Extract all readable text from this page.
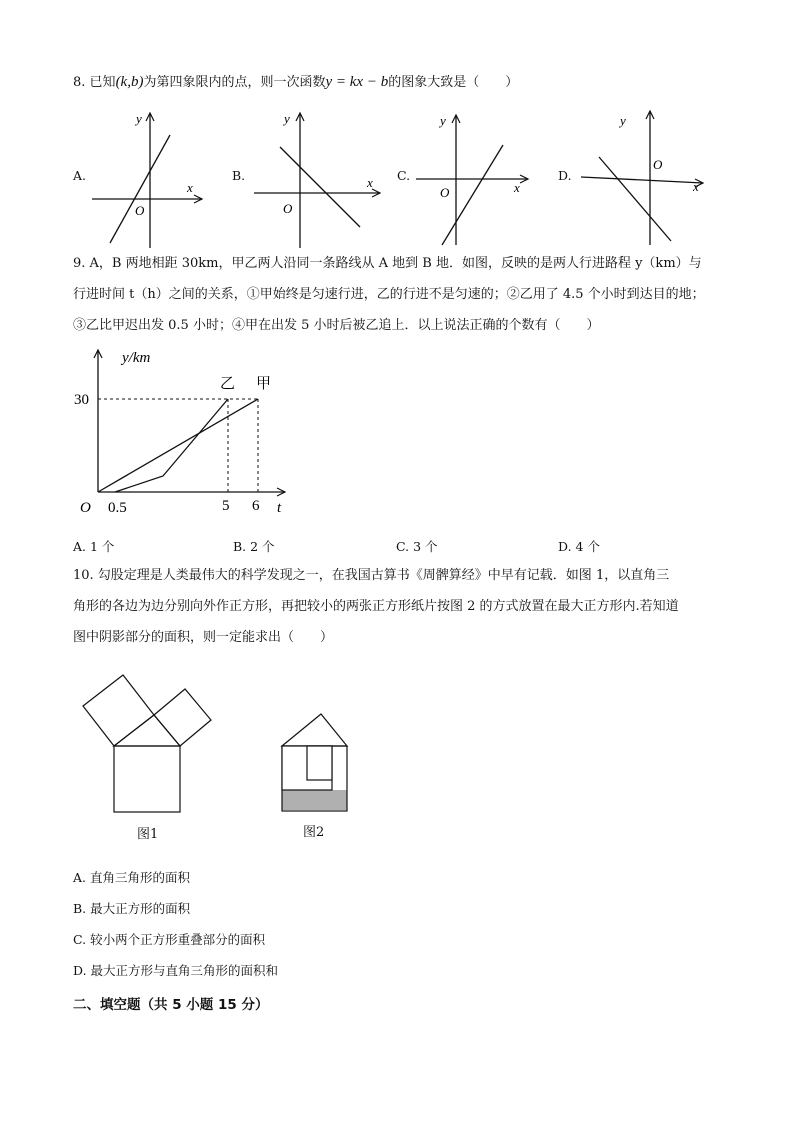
8. 已知(k,b)为第四象限内的点，则一次函数y = kx − b的图象大致是（　　）
A.
y
x
O
B.
y
x
O
C.
y
x
O
D.
y
x
O
9. A，B 两地相距 30km，甲乙两人沿同一条路线从 A 地到 B 地．如图，反映的是两人行进路程 y（km）与
行进时间 t（h）之间的关系，①甲始终是匀速行进，乙的行进不是匀速的；②乙用了 4.5 个小时到达目的地；
③乙比甲迟出发 0.5 小时；④甲在出发 5 小时后被乙追上．以上说法正确的个数有（　　）
y/km
30
O 0.5	5 6 t
乙 甲
A. 1 个	B. 2 个	C. 3 个	D. 4 个
10. 勾股定理是人类最伟大的科学发现之一，在我国古算书《周髀算经》中早有记载．如图 1，以直角三
角形的各边为边分别向外作正方形，再把较小的两张正方形纸片按图 2 的方式放置在最大正方形内.若知道
图中阴影部分的面积，则一定能求出（　　）
图1	图2
A. 直角三角形的面积
B. 最大正方形的面积
C. 较小两个正方形重叠部分的面积
D. 最大正方形与直角三角形的面积和
二、填空题（共 5 小题 15 分）
